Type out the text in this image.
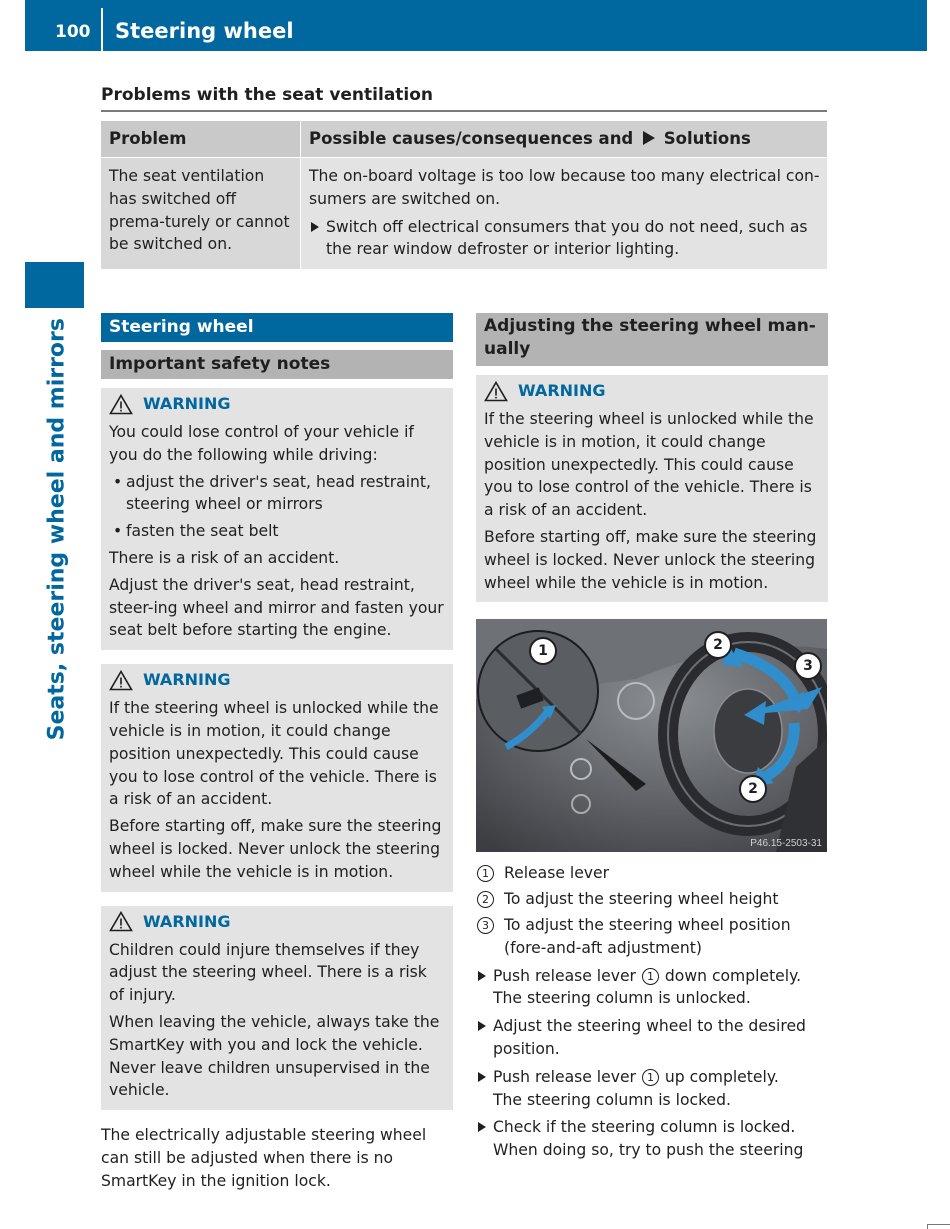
100 Steering wheel
Seats, steering wheel and mirrors
Problems with the seat ventilation
Problem	Possible causes/consequences and Solutions

The seat ventilation has switched off prema-turely or cannot be switched on.

The on-board voltage is too low because too many electrical con-sumers are switched on.

Switch off electrical consumers that you do not need, such as the rear window defroster or interior lighting.
Steering wheel
Important safety notes
WARNING

You could lose control of your vehicle if you do the following while driving:

• adjust the driver's seat, head restraint, steering wheel or mirrors
• fasten the seat belt

There is a risk of an accident.

Adjust the driver's seat, head restraint, steer-ing wheel and mirror and fasten your seat belt before starting the engine.

WARNING

If the steering wheel is unlocked while the vehicle is in motion, it could change position unexpectedly. This could cause you to lose control of the vehicle. There is a risk of an accident.

Before starting off, make sure the steering wheel is locked. Never unlock the steering wheel while the vehicle is in motion.

WARNING

Children could injure themselves if they adjust the steering wheel. There is a risk of injury.

When leaving the vehicle, always take the SmartKey with you and lock the vehicle. Never leave children unsupervised in the vehicle.

The electrically adjustable steering wheel can still be adjusted when there is no SmartKey in the ignition lock.

Adjusting the steering wheel man-ually
WARNING

If the steering wheel is unlocked while the vehicle is in motion, it could change position unexpectedly. This could cause you to lose control of the vehicle. There is a risk of an accident.

Before starting off, make sure the steering wheel is locked. Never unlock the steering wheel while the vehicle is in motion.

1	2
3
2
P46.15-2503-31
1 Release lever
2 To adjust the steering wheel height
3 To adjust the steering wheel position (fore-and-aft adjustment)
Push release lever 1 down completely.
The steering column is unlocked.
Adjust the steering wheel to the desired position.
Push release lever 1 up completely.
The steering column is locked.
Check if the steering column is locked. When doing so, try to push the steering
